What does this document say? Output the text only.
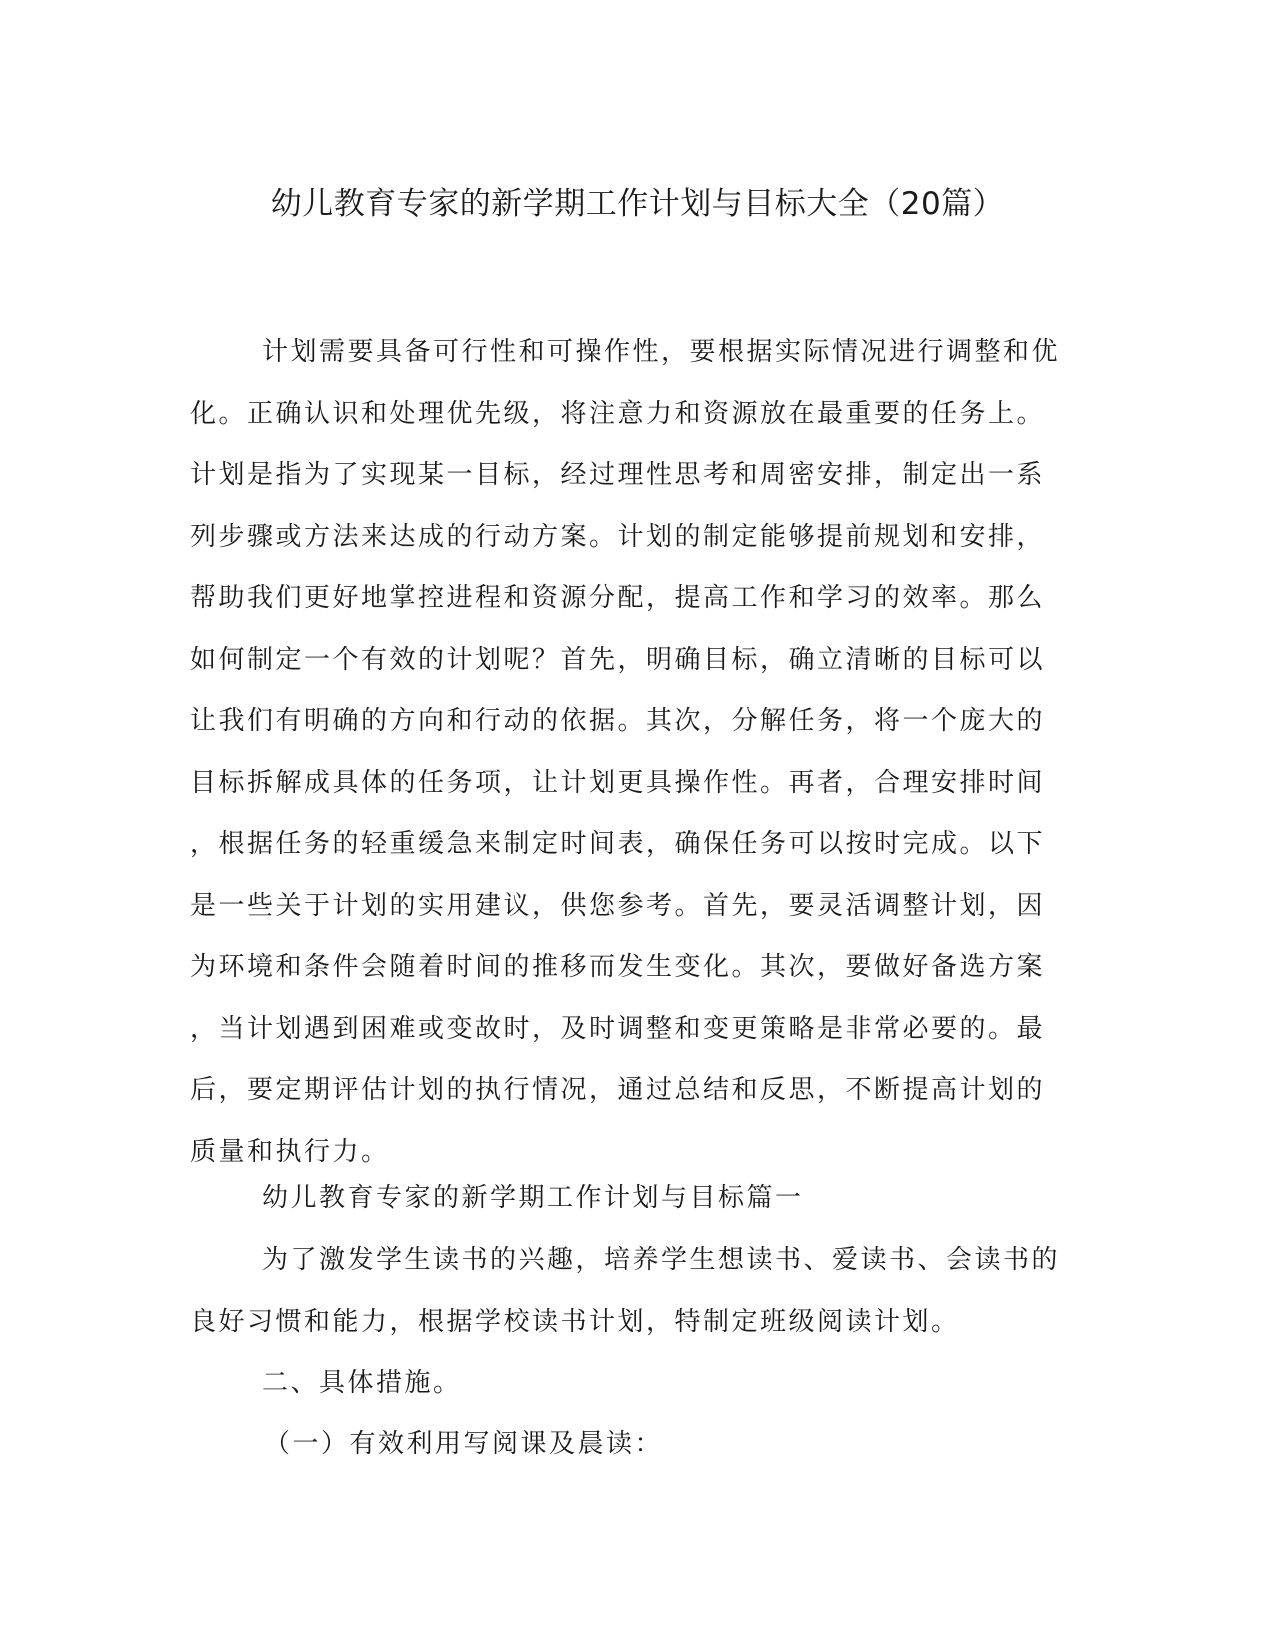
幼儿教育专家的新学期工作计划与目标大全（20篇）
计划需要具备可行性和可操作性，要根据实际情况进行调整和优
化。正确认识和处理优先级，将注意力和资源放在最重要的任务上。
计划是指为了实现某一目标，经过理性思考和周密安排，制定出一系
列步骤或方法来达成的行动方案。计划的制定能够提前规划和安排，
帮助我们更好地掌控进程和资源分配，提高工作和学习的效率。那么
如何制定一个有效的计划呢？首先，明确目标，确立清晰的目标可以
让我们有明确的方向和行动的依据。其次，分解任务，将一个庞大的
目标拆解成具体的任务项，让计划更具操作性。再者，合理安排时间
，根据任务的轻重缓急来制定时间表，确保任务可以按时完成。以下
是一些关于计划的实用建议，供您参考。首先，要灵活调整计划，因
为环境和条件会随着时间的推移而发生变化。其次，要做好备选方案
，当计划遇到困难或变故时，及时调整和变更策略是非常必要的。最
后，要定期评估计划的执行情况，通过总结和反思，不断提高计划的
质量和执行力。

幼儿教育专家的新学期工作计划与目标篇一

为了激发学生读书的兴趣，培养学生想读书、爱读书、会读书的
良好习惯和能力，根据学校读书计划，特制定班级阅读计划。

二、具体措施。

（一）有效利用写阅课及晨读：
